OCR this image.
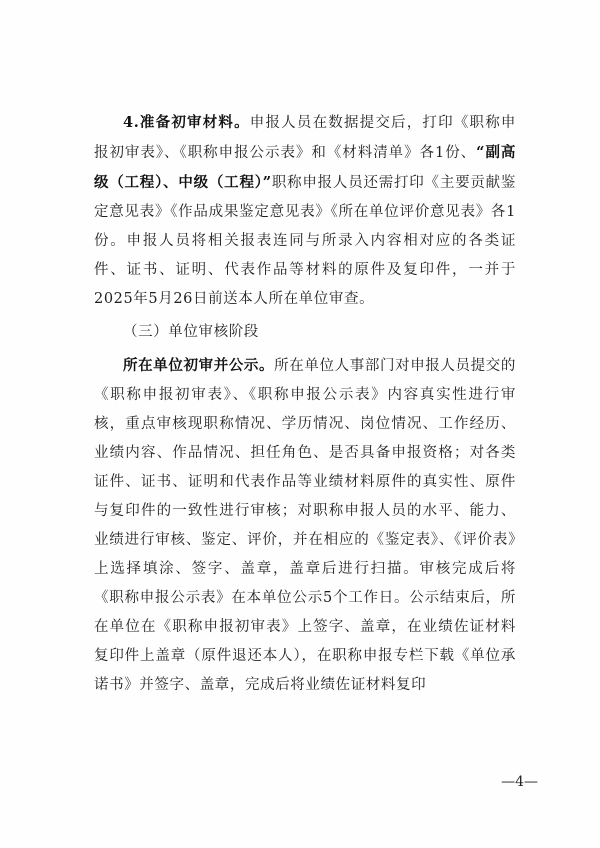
4.准备初审材料。申报人员在数据提交后，打印《职称申报初审表》、《职称申报公示表》和《材料清单》各1份、“副高级（工程）、中级（工程）”职称申报人员还需打印《主要贡献鉴定意见表》《作品成果鉴定意见表》《所在单位评价意见表》各1份。申报人员将相关报表连同与所录入内容相对应的各类证件、证书、证明、代表作品等材料的原件及复印件，一并于2025年5月26日前送本人所在单位审查。

（三）单位审核阶段

所在单位初审并公示。所在单位人事部门对申报人员提交的《职称申报初审表》、《职称申报公示表》内容真实性进行审核，重点审核现职称情况、学历情况、岗位情况、工作经历、业绩内容、作品情况、担任角色、是否具备申报资格；对各类证件、证书、证明和代表作品等业绩材料原件的真实性、原件与复印件的一致性进行审核；对职称申报人员的水平、能力、业绩进行审核、鉴定、评价，并在相应的《鉴定表》、《评价表》上选择填涂、签字、盖章，盖章后进行扫描。审核完成后将《职称申报公示表》在本单位公示5个工作日。公示结束后，所在单位在《职称申报初审表》上签字、盖章，在业绩佐证材料复印件上盖章（原件退还本人），在职称申报专栏下载《单位承诺书》并签字、盖章，完成后将业绩佐证材料复印

—4—
